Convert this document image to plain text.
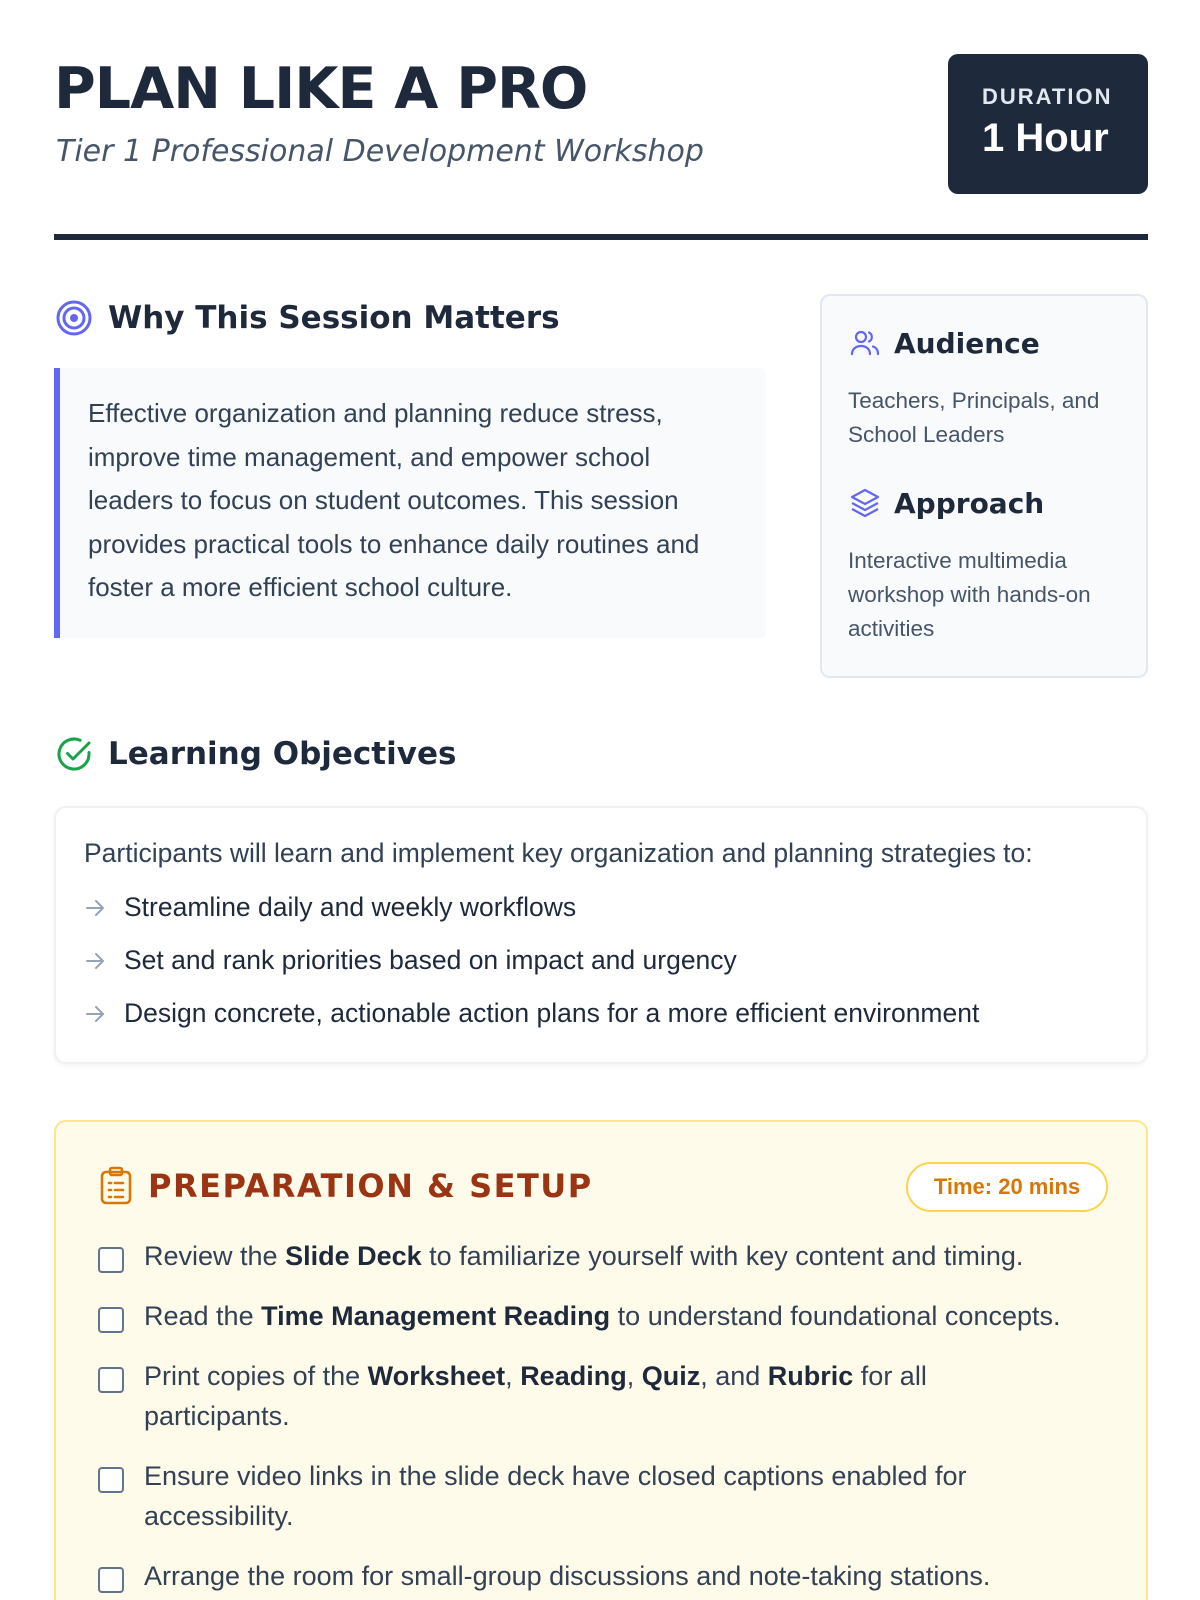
PLAN LIKE A PRO
Tier 1 Professional Development Workshop
DURATION
1 Hour
Why This Session Matters

Effective organization and planning reduce stress, improve time management, and empower school leaders to focus on student outcomes. This session provides practical tools to enhance daily routines and foster a more efficient school culture.

Audience
Teachers, Principals, and School Leaders
Approach
Interactive multimedia workshop with hands-on activities
Learning Objectives
Participants will learn and implement key organization and planning strategies to:
Streamline daily and weekly workflows
Set and rank priorities based on impact and urgency
Design concrete, actionable action plans for a more efficient environment
PREPARATION & SETUP	Time: 20 mins
Review the Slide Deck to familiarize yourself with key content and timing.
Read the Time Management Reading to understand foundational concepts.
Print copies of the Worksheet, Reading, Quiz, and Rubric for all participants.
Ensure video links in the slide deck have closed captions enabled for accessibility.
Arrange the room for small-group discussions and note-taking stations.
